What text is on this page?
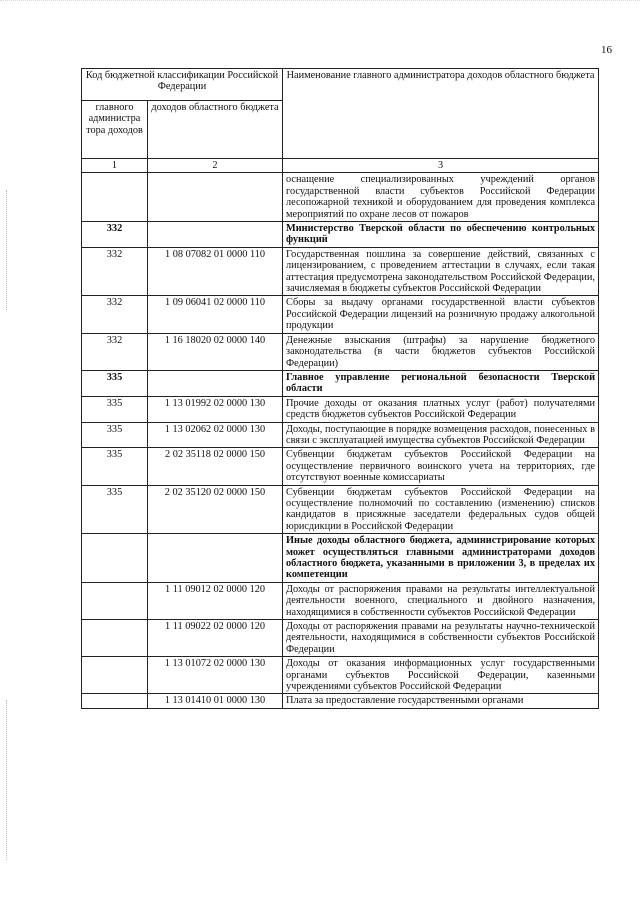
16
Код бюджетной классификации Российской Федерации		Наименование главного администратора доходов областного бюджета
главного администра тора доходов	доходов областного бюджета	
1	2	3
		оснащение специализированных учреждений органов государственной власти субъектов Российской Федерации лесопожарной техникой и оборудованием для проведения комплекса мероприятий по охране лесов от пожаров
332		Министерство Тверской области по обеспечению контрольных функций
332	1 08 07082 01 0000 110	Государственная пошлина за совершение действий, связанных с лицензированием, с проведением аттестации в случаях, если такая аттестация предусмотрена законодательством Российской Федерации, зачисляемая в бюджеты субъектов Российской Федерации
332	1 09 06041 02 0000 110	Сборы за выдачу органами государственной власти субъектов Российской Федерации лицензий на розничную продажу алкогольной продукции
332	1 16 18020 02 0000 140	Денежные взыскания (штрафы) за нарушение бюджетного законодательства (в части бюджетов субъектов Российской Федерации)
335		Главное управление региональной безопасности Тверской области
335	1 13 01992 02 0000 130	Прочие доходы от оказания платных услуг (работ) получателями средств бюджетов субъектов Российской Федерации
335	1 13 02062 02 0000 130	Доходы, поступающие в порядке возмещения расходов, понесенных в связи с эксплуатацией имущества субъектов Российской Федерации
335	2 02 35118 02 0000 150	Субвенции бюджетам субъектов Российской Федерации на осуществление первичного воинского учета на территориях, где отсутствуют военные комиссариаты
335	2 02 35120 02 0000 150	Субвенции бюджетам субъектов Российской Федерации на осуществление полномочий по составлению (изменению) списков кандидатов в присяжные заседатели федеральных судов общей юрисдикции в Российской Федерации
		Иные доходы областного бюджета, администрирование которых может осуществляться главными администраторами доходов областного бюджета, указанными в приложении 3, в пределах их компетенции
	1 11 09012 02 0000 120	Доходы от распоряжения правами на результаты интеллектуальной деятельности военного, специального и двойного назначения, находящимися в собственности субъектов Российской Федерации
	1 11 09022 02 0000 120	Доходы от распоряжения правами на результаты научно-технической деятельности, находящимися в собственности субъектов Российской Федерации
	1 13 01072 02 0000 130	Доходы от оказания информационных услуг государственными органами субъектов Российской Федерации, казенными учреждениями субъектов Российской Федерации
	1 13 01410 01 0000 130	Плата за предоставление государственными органами
